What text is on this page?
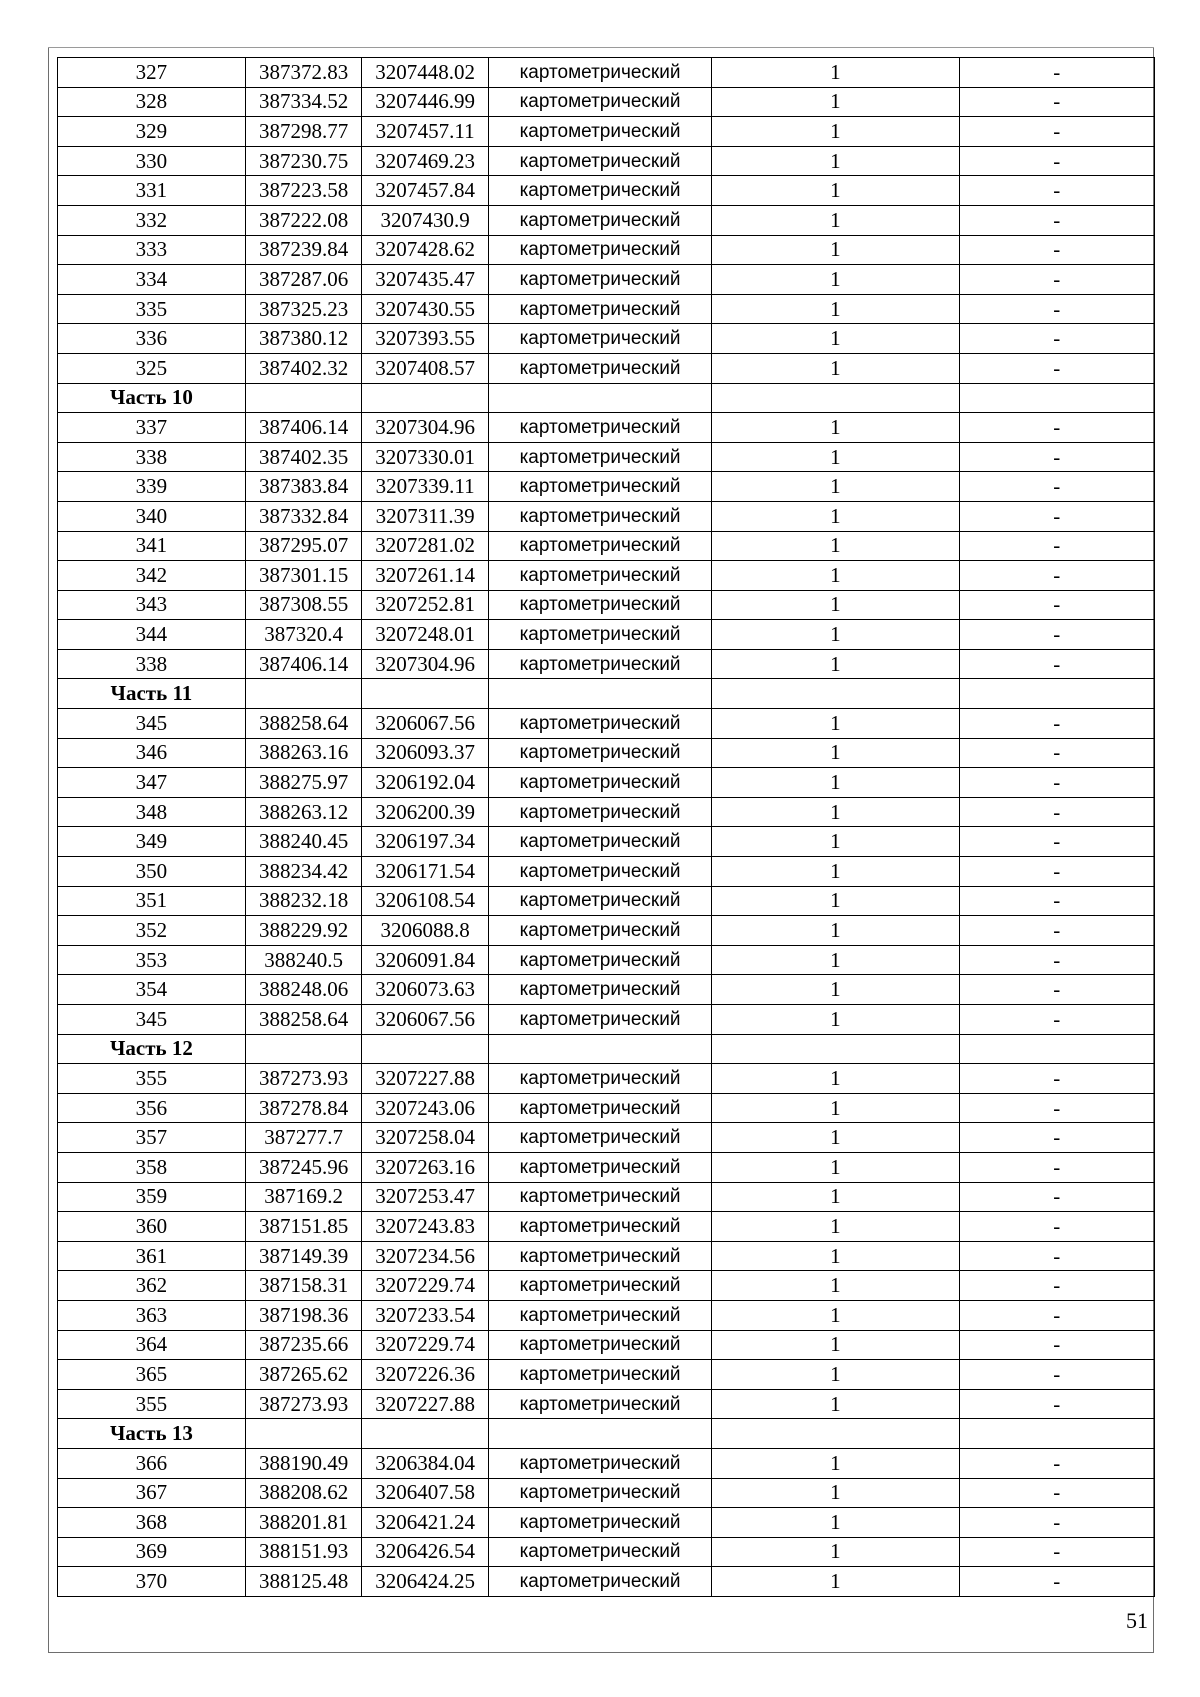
327	387372.83	3207448.02	картометрический	1	-
328	387334.52	3207446.99	картометрический	1	-
329	387298.77	3207457.11	картометрический	1	-
330	387230.75	3207469.23	картометрический	1	-
331	387223.58	3207457.84	картометрический	1	-
332	387222.08	3207430.9	картометрический	1	-
333	387239.84	3207428.62	картометрический	1	-
334	387287.06	3207435.47	картометрический	1	-
335	387325.23	3207430.55	картометрический	1	-
336	387380.12	3207393.55	картометрический	1	-
325	387402.32	3207408.57	картометрический	1	-
Часть 10					
337	387406.14	3207304.96	картометрический	1	-
338	387402.35	3207330.01	картометрический	1	-
339	387383.84	3207339.11	картометрический	1	-
340	387332.84	3207311.39	картометрический	1	-
341	387295.07	3207281.02	картометрический	1	-
342	387301.15	3207261.14	картометрический	1	-
343	387308.55	3207252.81	картометрический	1	-
344	387320.4	3207248.01	картометрический	1	-
338	387406.14	3207304.96	картометрический	1	-
Часть 11					
345	388258.64	3206067.56	картометрический	1	-
346	388263.16	3206093.37	картометрический	1	-
347	388275.97	3206192.04	картометрический	1	-
348	388263.12	3206200.39	картометрический	1	-
349	388240.45	3206197.34	картометрический	1	-
350	388234.42	3206171.54	картометрический	1	-
351	388232.18	3206108.54	картометрический	1	-
352	388229.92	3206088.8	картометрический	1	-
353	388240.5	3206091.84	картометрический	1	-
354	388248.06	3206073.63	картометрический	1	-
345	388258.64	3206067.56	картометрический	1	-
Часть 12					
355	387273.93	3207227.88	картометрический	1	-
356	387278.84	3207243.06	картометрический	1	-
357	387277.7	3207258.04	картометрический	1	-
358	387245.96	3207263.16	картометрический	1	-
359	387169.2	3207253.47	картометрический	1	-
360	387151.85	3207243.83	картометрический	1	-
361	387149.39	3207234.56	картометрический	1	-
362	387158.31	3207229.74	картометрический	1	-
363	387198.36	3207233.54	картометрический	1	-
364	387235.66	3207229.74	картометрический	1	-
365	387265.62	3207226.36	картометрический	1	-
355	387273.93	3207227.88	картометрический	1	-
Часть 13					
366	388190.49	3206384.04	картометрический	1	-
367	388208.62	3206407.58	картометрический	1	-
368	388201.81	3206421.24	картометрический	1	-
369	388151.93	3206426.54	картометрический	1	-
370	388125.48	3206424.25	картометрический	1	-
51
